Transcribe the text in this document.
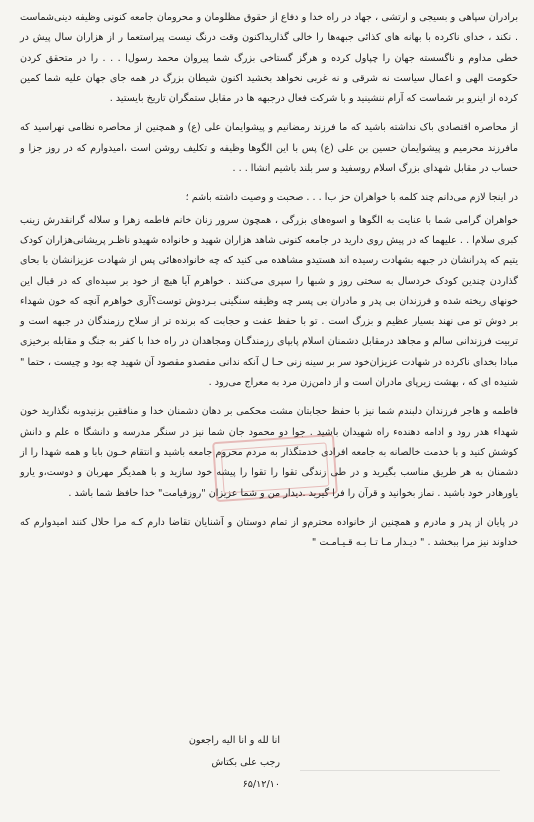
برادران سپاهی و بسیجی و ارتشی ، جهاد در راه خدا و دفاع از حقوق مظلومان و محرومان جامعه کنونی وظیفه دینی‌شماست . نکند ، خدای ناکرده با بهانه های کذائی جبهه‌ها را خالی گذارید‌اکنون وقت درنگ نیست پیراستعما ر از هزاران سال پیش در خطی مداوم و ناگسسته جهان را چپاول کرده و هرگز گستاخی بزرگ شما پیروان محمد رسول‌ا . . . را در متحقق کردن حکومت الهی و اعمال سیاست نه شرقی و نه غربی نخواهد بخشید اکنون شیطان بزرگ در همه جای جهان علیه شما کمین کرده از اینرو بر شماست که آرام ننشینید و با شرکت فعال درجبهه ها در مقابل ستمگران تاریخ بایستید .

از محاصره اقتصادی باک نداشته باشید که ما فرزند رمضانیم و پیشوایمان علی (ع) و همچنین از محاصره نظامی نهراسید که مافرزند محرمیم و پیشوایمان حسین بن علی (ع) پس با این الگوها وظیفه و تکلیف روشن است ،امیدوارم که در روز جزا و حساب در مقابل شهدای بزرگ اسلام روسفید و سر بلند باشیم انشا‌ا . . .

در اینجا لازم می‌دانم چند کلمه با خواهران حز ب‌ا . . . صحبت و وصیت داشته باشم ؛

خواهران گرامی شما با عنایت به الگوها و اسوه‌های بزرگی ، همچون سرور زنان خانم فاطمه زهرا و سلاله گرانقدرش زینب کبری سلام‌ا . . علیهما که در پیش روی دارید در جامعه کنونی شاهد هزاران شهید و خانواده شهیدو ناظـر پریشانی‌هزاران کودک یتیم که پدرانشان در جبهه بشهادت رسیده اند هستیدو مشاهده می کنید که چه خانواده‌هائی پس از شهادت عزیزانشان با بحای گذاردن چندین کودک خردسال به سختی روز و شبها را سپری می‌کنند . خواهرم آیا هیچ از خود بر سیده‌ای که در قبال این خونهای ریخته شده و فرزندان بی پدر و مادران بی پسر چه وظیفه سنگینی بـردوش توست؟آری خواهرم آنچه که خون شهداء بر دوش تو می نهند بسیار عظیم و بزرگ است . تو با حفظ عفت و حجابت که برنده تر از سلاح رزمندگان در جبهه است و تربیت فرزندانی سالم و مجاهد درمقابل دشمنان اسلام پابپای رزمندگـان ومجاهدان در راه خدا با کفر به جنگ و مقابله برخیزی مبادا بخدای ناکرده در شهادت عزیزان‌خود سر بر سینه زنی حـا ل آنکه ندانی مقصدو مقصود آن شهید چه بود و چیست ، حتما " شنیده ای که ، بهشت زیرپای مادران است و از دامن‌زن مرد به معراج می‌رود .

فاطمه و هاجر فرزندان دلبندم شما نیز با حفظ حجابتان مشت محکمی بر دهان دشمنان خدا و منافقین بزنیدوبه نگذارید خون شهداء هدر رود و ادامه دهنده‌‌ء راه شهیدان باشید . جوا دو محمود جان شما نیز در سنگر مدرسه و دانشگا ه علم و دانش کوشش کنید و با خدمت خالصانه به جامعه افرادی خدمتگذار به مردم محروم جامعه باشید و انتقام خـون بابا و همه شهدا را از دشمنان به هر طریق مناسب بگیرید و در طی زندگی تقوا را تقوا را پیشه خود سازید و با همدیگر مهربان و دوست،و یارو یاورهادر خود باشید . نماز بخوانید و قرآن را فرا گیرید .دیدار من و شما عزیزان "روزقیامت" خدا حافظ شما باشد .

در پایان از پدر و مادرم و همچنین از خانواده محترم‌و از تمام دوستان و آشنایان تقاضا دارم کـه مرا حلال کنند امیدوارم که خداوند نیز مرا ببخشد . " دیـدار مـا تـا بـه قـیـامـت "

انا لله و انا الیه راجعون
رجب علی بکتاش
۶۵/۱۲/۱۰
